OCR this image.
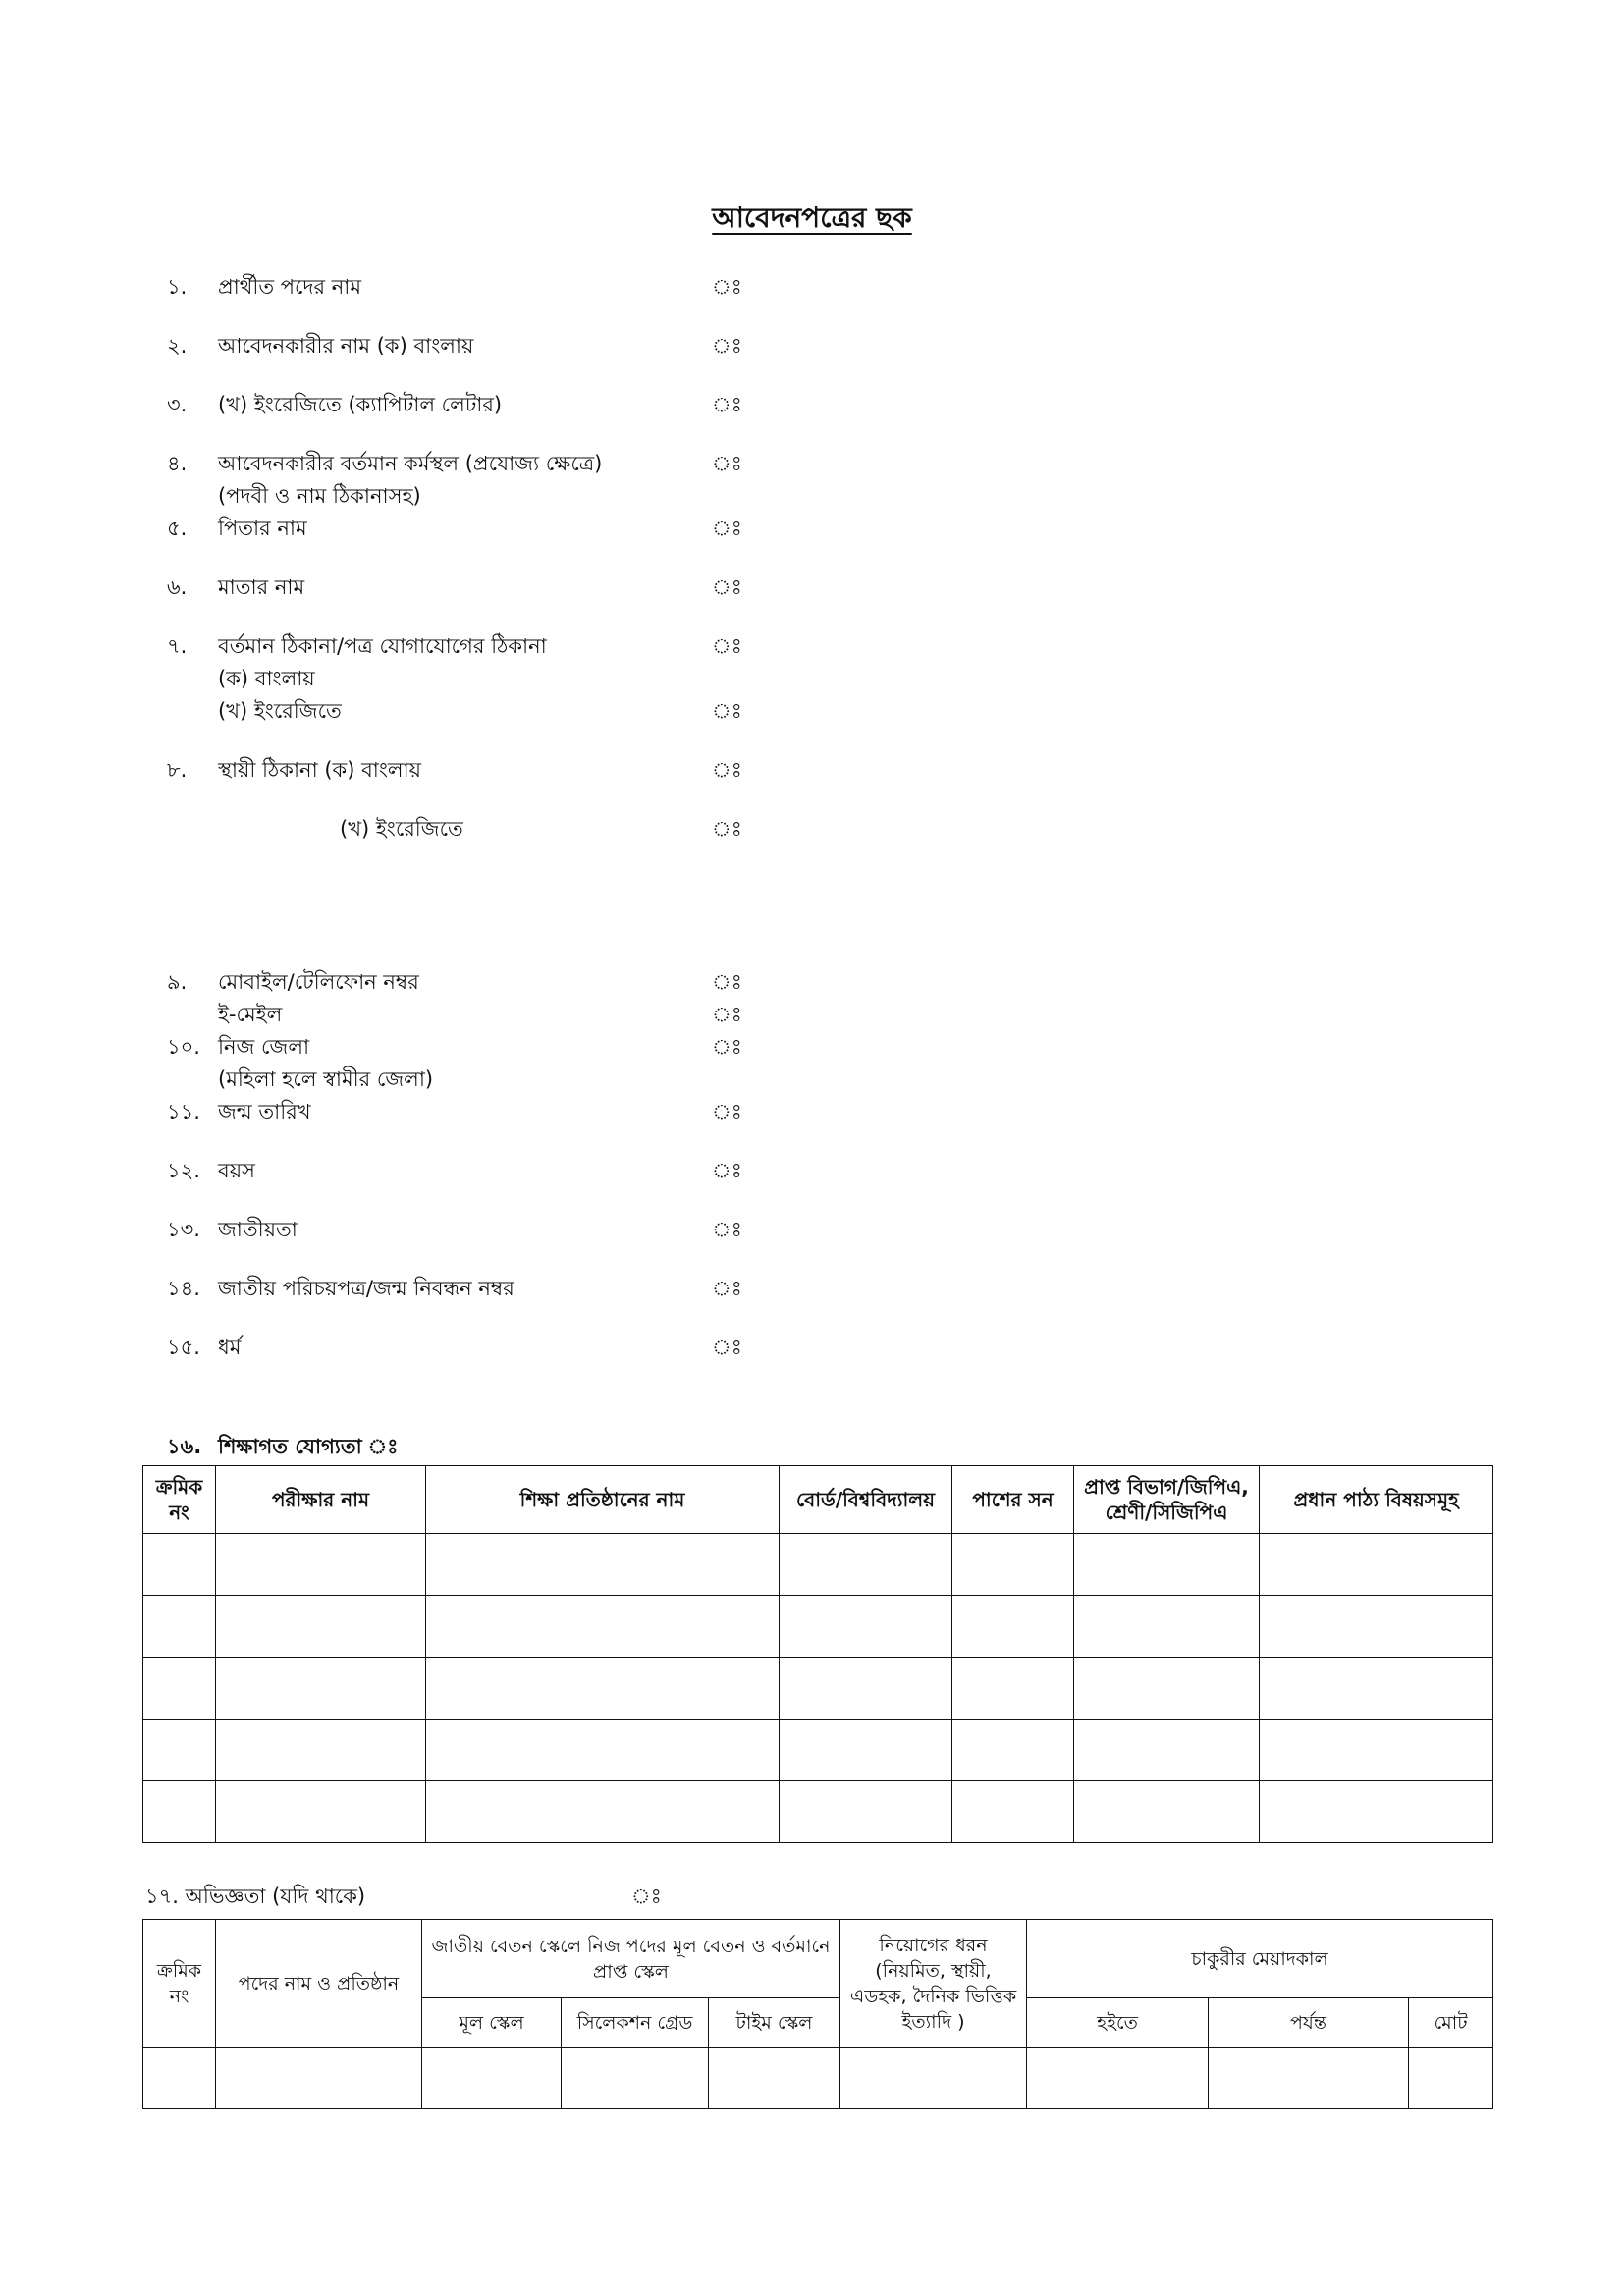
আবেদনপত্রের ছক
১.	প্রার্থীত পদের নাম	ঃ
২.	আবেদনকারীর নাম (ক) বাংলায়	ঃ
৩.	(খ) ইংরেজিতে (ক্যাপিটাল লেটার)	ঃ
৪.	আবেদনকারীর বর্তমান কর্মস্থল (প্রযোজ্য ক্ষেত্রে)	ঃ
(পদবী ও নাম ঠিকানাসহ)
৫.	পিতার নাম	ঃ
৬.	মাতার নাম	ঃ
৭.	বর্তমান ঠিকানা/পত্র যোগাযোগের ঠিকানা	ঃ
(ক) বাংলায়
(খ) ইংরেজিতে	ঃ
৮.	স্থায়ী ঠিকানা (ক) বাংলায়	ঃ
(খ) ইংরেজিতে	ঃ
৯.	মোবাইল/টেলিফোন নম্বর	ঃ
ই-মেইল	ঃ
১০. নিজ জেলা	ঃ
(মহিলা হলে স্বামীর জেলা)
১১. জন্ম তারিখ	ঃ
১২. বয়স	ঃ
১৩. জাতীয়তা	ঃ
১৪. জাতীয় পরিচয়পত্র/জন্ম নিবন্ধন নম্বর	ঃ
১৫. ধর্ম	ঃ
১৬. শিক্ষাগত যোগ্যতা ঃ
ক্রমিক নং	পরীক্ষার নাম	শিক্ষা প্রতিষ্ঠানের নাম	বোর্ড/বিশ্ববিদ্যালয়	পাশের সন	প্রাপ্ত বিভাগ/জিপিএ, শ্রেণী/সিজিপিএ	প্রধান পাঠ্য বিষয়সমূহ

১৭. অভিজ্ঞতা (যদি থাকে)	ঃ
ক্রমিক নং	পদের নাম ও প্রতিষ্ঠান	জাতীয় বেতন স্কেলে নিজ পদের মূল বেতন ও বর্তমানে প্রাপ্ত স্কেল			নিয়োগের ধরন (নিয়মিত, স্থায়ী, এডহক, দৈনিক ভিত্তিক ইত্যাদি )	চাকুরীর মেয়াদকাল		
		মূল স্কেল	সিলেকশন গ্রেড	টাইম স্কেল		হইতে	পর্যন্ত	মোট
